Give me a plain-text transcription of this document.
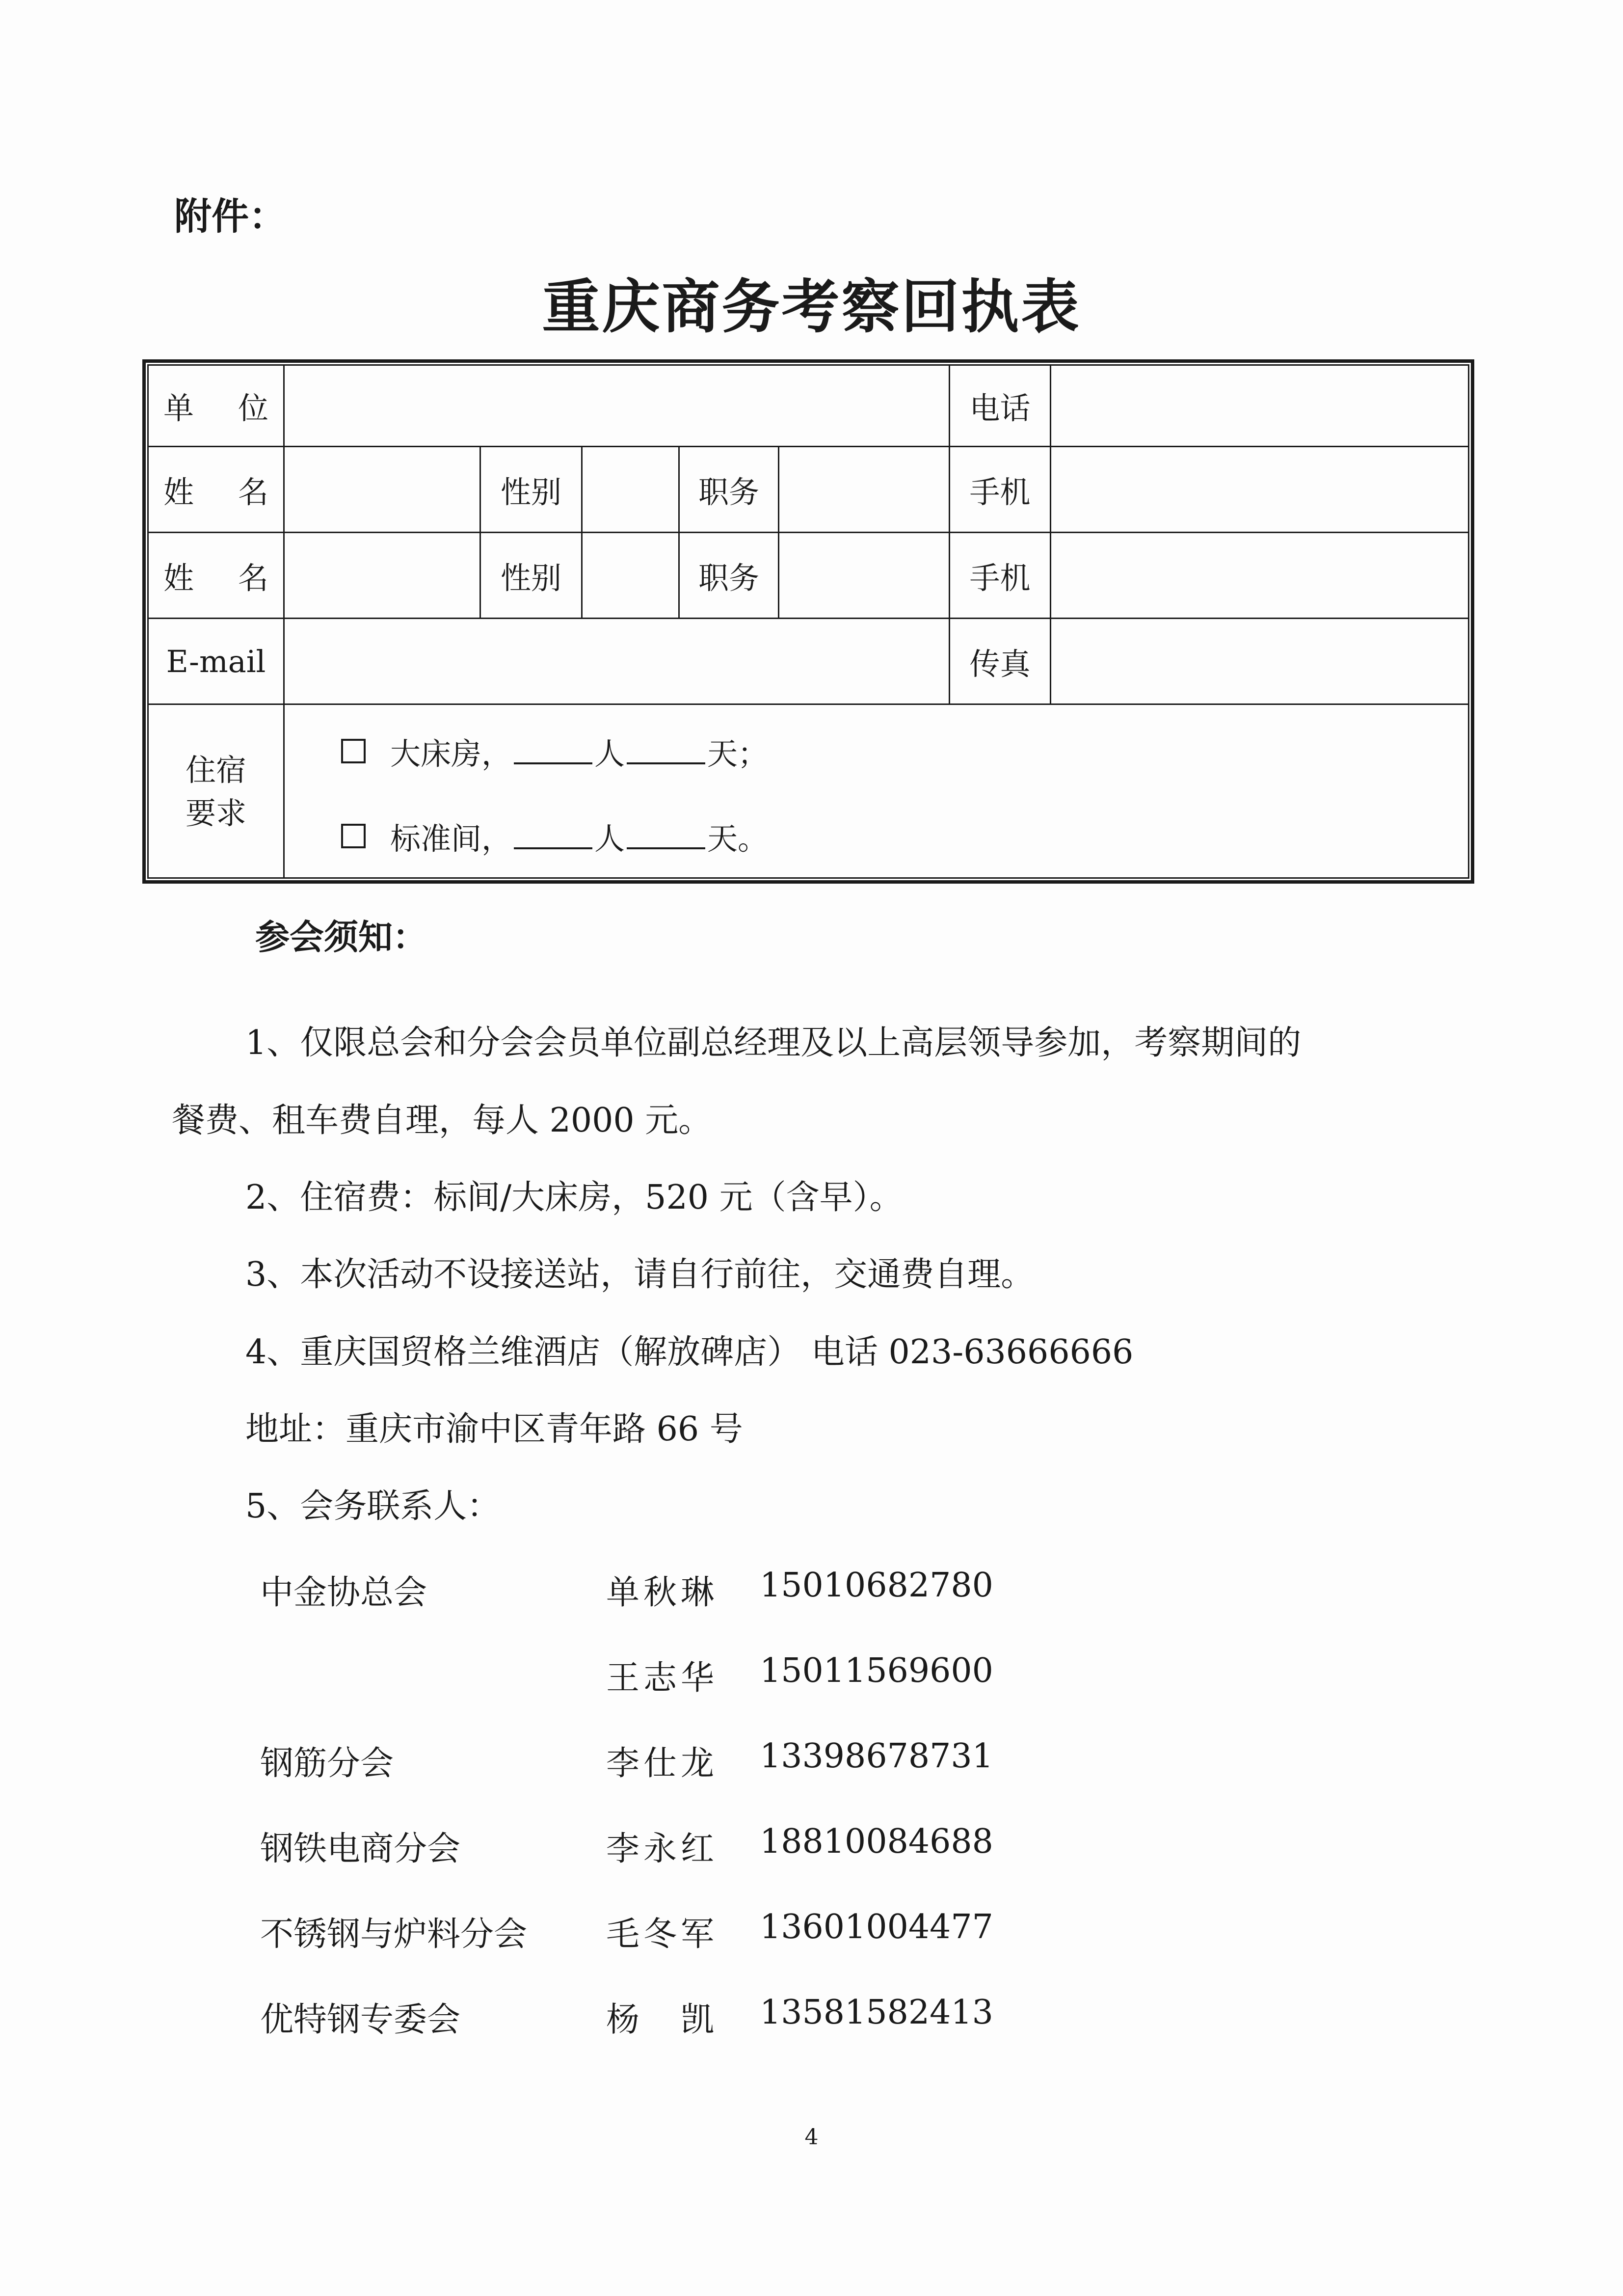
附件：
重庆商务考察回执表
单位	电话
姓名	性别	职务	手机
姓名	性别	职务	手机
E-mail	传真
住宿
要求
大床房，	人	天；
标准间，	人	天。
参会须知：
1、仅限总会和分会会员单位副总经理及以上高层领导参加，考察期间的
餐费、租车费自理，每人 2000 元。
2、住宿费：标间/大床房，520 元（含早）。
3、本次活动不设接送站，请自行前往，交通费自理。
4、重庆国贸格兰维酒店（解放碑店） 电话 023-63666666
地址：重庆市渝中区青年路 66 号
5、会务联系人：
中金协总会	单秋琳 15010682780
王志华 15011569600
钢筋分会	李仕龙 13398678731
钢铁电商分会	李永红 18810084688
不锈钢与炉料分会 毛冬军 13601004477
优特钢专委会	杨　凯 13581582413
4
